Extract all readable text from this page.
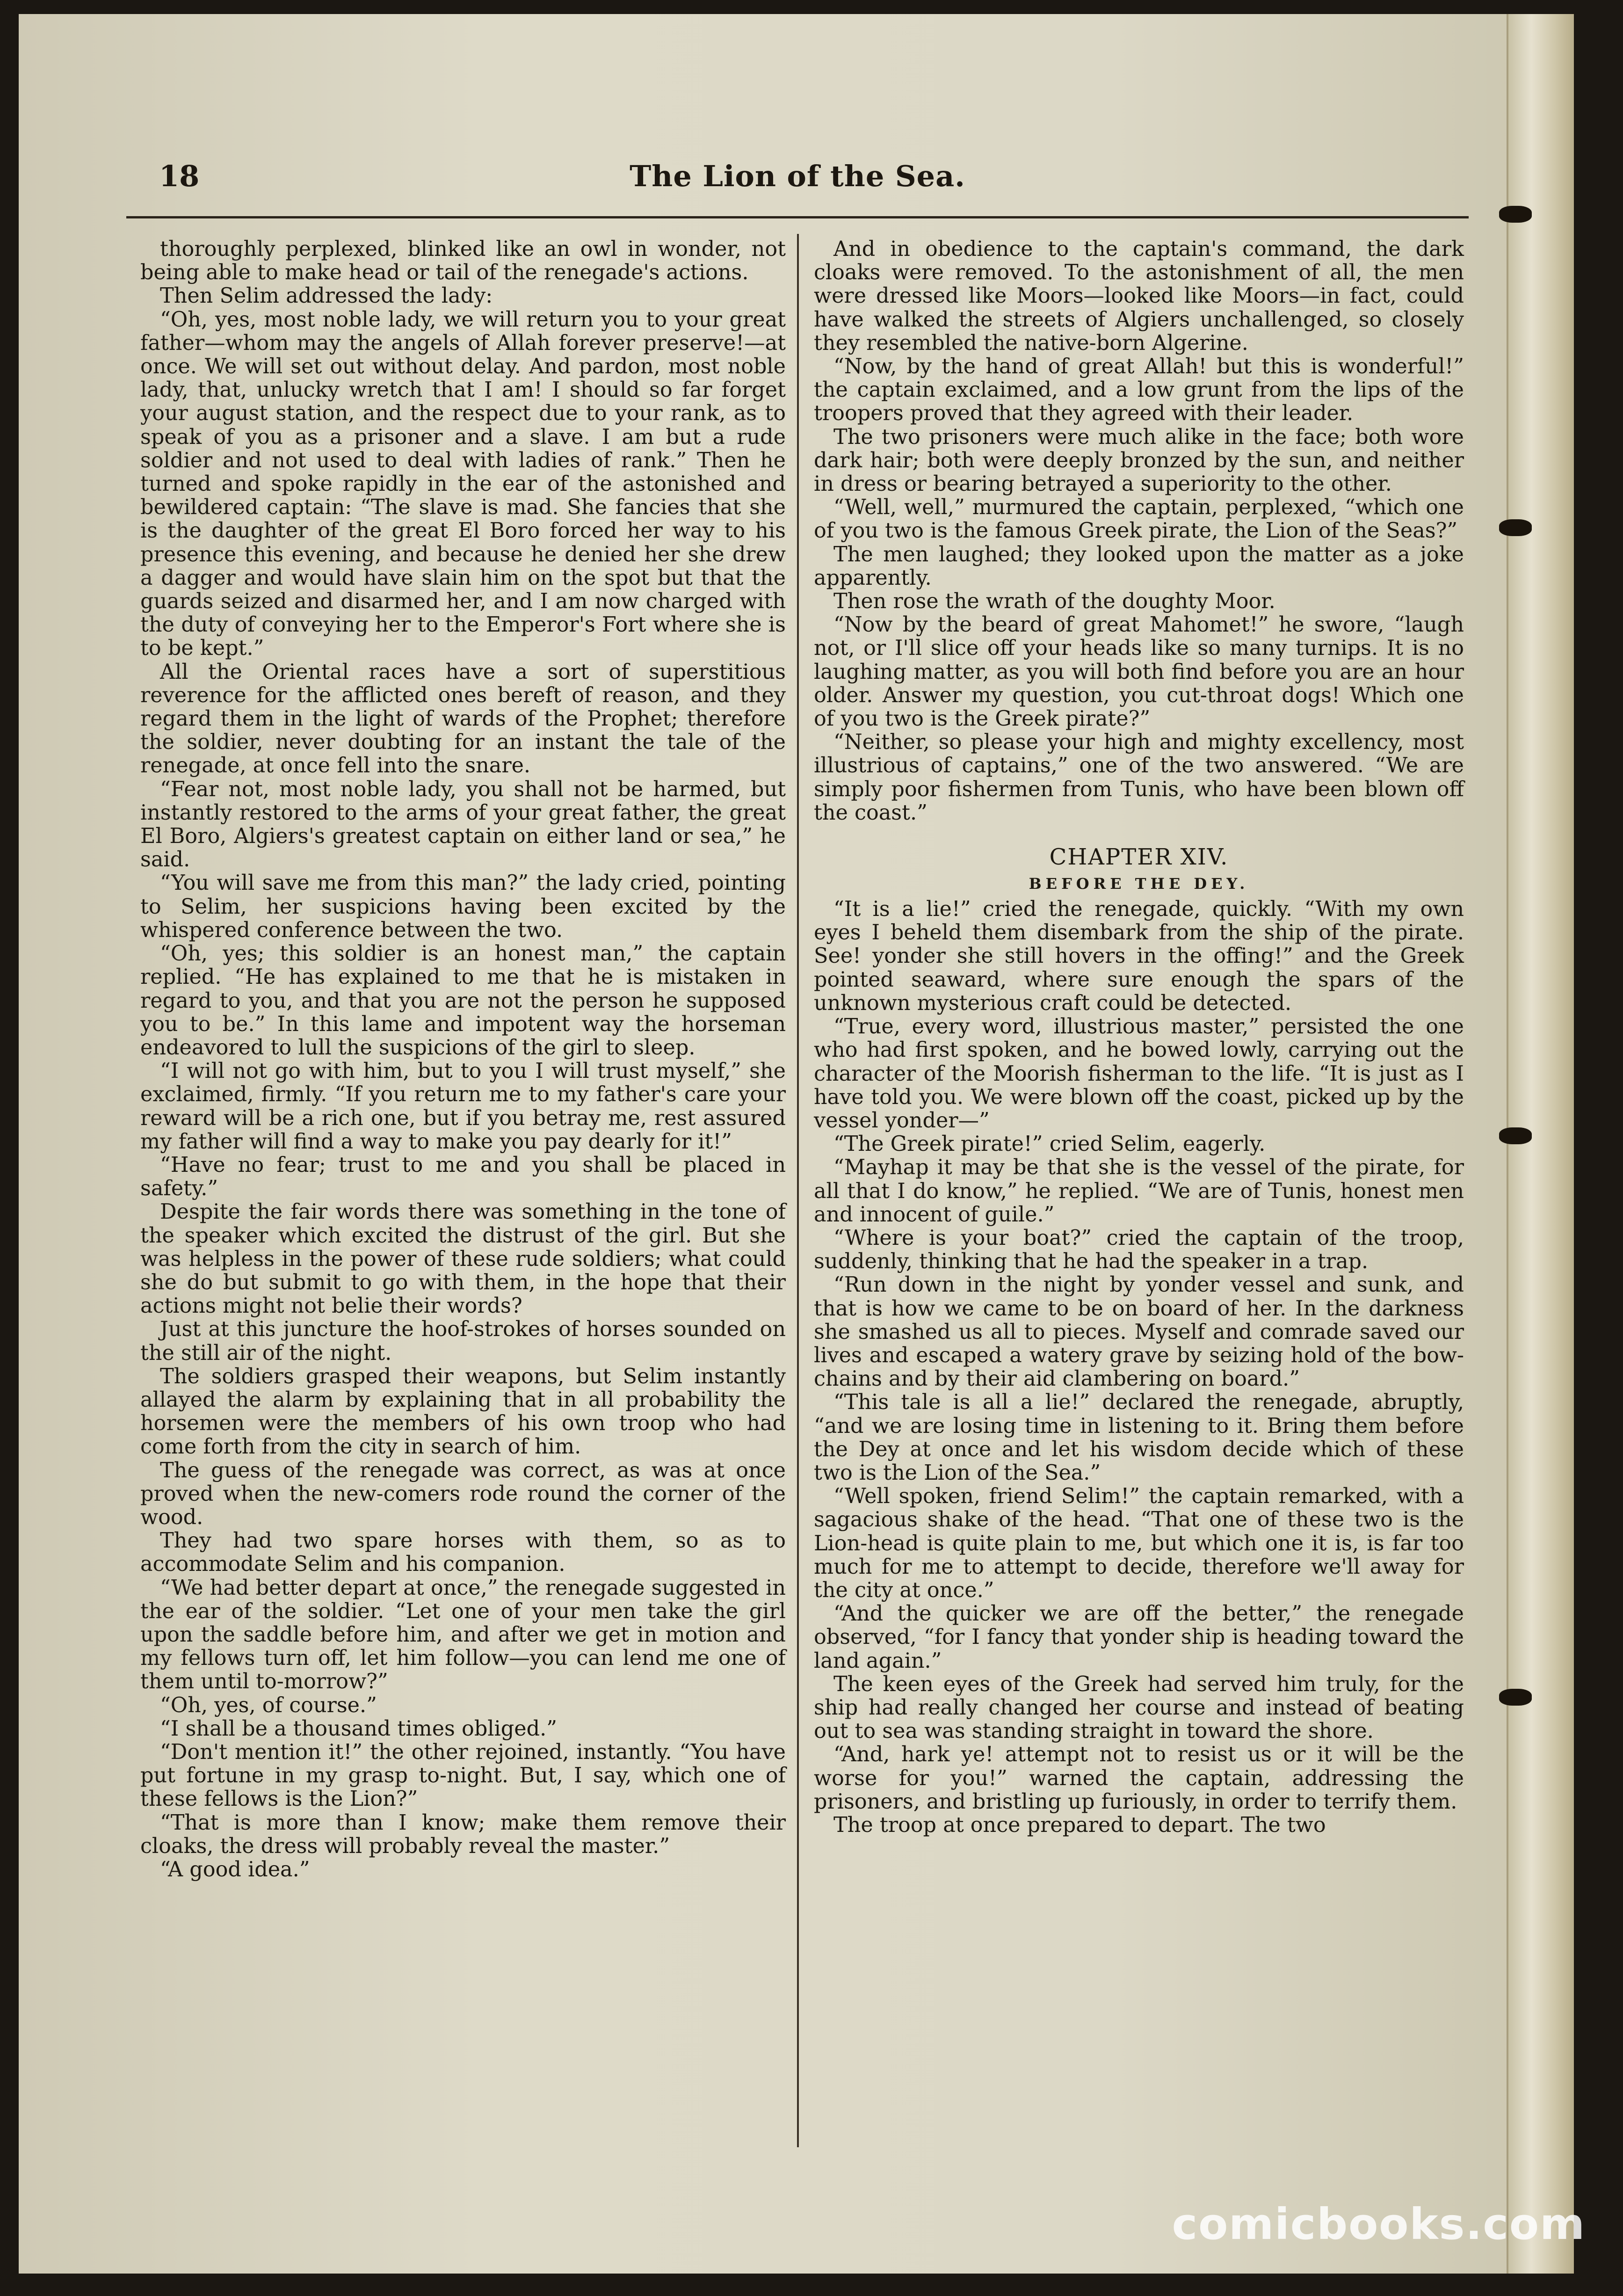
18	The Lion of the Sea.

thoroughly perplexed, blinked like an owl in wonder, not being able to make head or tail of the renegade's actions.

Then Selim addressed the lady:

“Oh, yes, most noble lady, we will return you to your great father—whom may the angels of Allah forever preserve!—at once. We will set out without delay. And pardon, most noble lady, that, unlucky wretch that I am! I should so far forget your august station, and the respect due to your rank, as to speak of you as a prisoner and a slave. I am but a rude soldier and not used to deal with ladies of rank.” Then he turned and spoke rapidly in the ear of the astonished and bewildered captain: “The slave is mad. She fancies that she is the daughter of the great El Boro forced her way to his presence this evening, and because he denied her she drew a dagger and would have slain him on the spot but that the guards seized and disarmed her, and I am now charged with the duty of conveying her to the Emperor's Fort where she is to be kept.”

All the Oriental races have a sort of superstitious reverence for the afflicted ones bereft of reason, and they regard them in the light of wards of the Prophet; therefore the soldier, never doubting for an instant the tale of the renegade, at once fell into the snare.

“Fear not, most noble lady, you shall not be harmed, but instantly restored to the arms of your great father, the great El Boro, Algiers's greatest captain on either land or sea,” he said.

“You will save me from this man?” the lady cried, pointing to Selim, her suspicions having been excited by the whispered conference between the two.

“Oh, yes; this soldier is an honest man,” the captain replied. “He has explained to me that he is mistaken in regard to you, and that you are not the person he supposed you to be.” In this lame and impotent way the horseman endeavored to lull the suspicions of the girl to sleep.

“I will not go with him, but to you I will trust myself,” she exclaimed, firmly. “If you return me to my father's care your reward will be a rich one, but if you betray me, rest assured my father will find a way to make you pay dearly for it!”

“Have no fear; trust to me and you shall be placed in safety.”

Despite the fair words there was something in the tone of the speaker which excited the distrust of the girl. But she was helpless in the power of these rude soldiers; what could she do but submit to go with them, in the hope that their actions might not belie their words?

Just at this juncture the hoof-strokes of horses sounded on the still air of the night.

The soldiers grasped their weapons, but Selim instantly allayed the alarm by explaining that in all probability the horsemen were the members of his own troop who had come forth from the city in search of him.

The guess of the renegade was correct, as was at once proved when the new-comers rode round the corner of the wood.

They had two spare horses with them, so as to accommodate Selim and his companion.

“We had better depart at once,” the renegade suggested in the ear of the soldier. “Let one of your men take the girl upon the saddle before him, and after we get in motion and my fellows turn off, let him follow—you can lend me one of them until to-morrow?”

“Oh, yes, of course.”

“I shall be a thousand times obliged.”

“Don't mention it!” the other rejoined, instantly. “You have put fortune in my grasp to-night. But, I say, which one of these fellows is the Lion?”

“That is more than I know; make them remove their cloaks, the dress will probably reveal the master.”

“A good idea.”

And in obedience to the captain's command, the dark cloaks were removed. To the astonishment of all, the men were dressed like Moors—looked like Moors—in fact, could have walked the streets of Algiers unchallenged, so closely they resembled the native-born Algerine.

“Now, by the hand of great Allah! but this is wonderful!” the captain exclaimed, and a low grunt from the lips of the troopers proved that they agreed with their leader.

The two prisoners were much alike in the face; both wore dark hair; both were deeply bronzed by the sun, and neither in dress or bearing betrayed a superiority to the other.

“Well, well,” murmured the captain, perplexed, “which one of you two is the famous Greek pirate, the Lion of the Seas?”

The men laughed; they looked upon the matter as a joke apparently.

Then rose the wrath of the doughty Moor.

“Now by the beard of great Mahomet!” he swore, “laugh not, or I'll slice off your heads like so many turnips. It is no laughing matter, as you will both find before you are an hour older. Answer my question, you cut-throat dogs! Which one of you two is the Greek pirate?”

“Neither, so please your high and mighty excellency, most illustrious of captains,” one of the two answered. “We are simply poor fishermen from Tunis, who have been blown off the coast.”

CHAPTER XIV.
BEFORE THE DEY.

“It is a lie!” cried the renegade, quickly. “With my own eyes I beheld them disembark from the ship of the pirate. See! yonder she still hovers in the offing!” and the Greek pointed seaward, where sure enough the spars of the unknown mysterious craft could be detected.

“True, every word, illustrious master,” persisted the one who had first spoken, and he bowed lowly, carrying out the character of the Moorish fisherman to the life. “It is just as I have told you. We were blown off the coast, picked up by the vessel yonder—”

“The Greek pirate!” cried Selim, eagerly.

“Mayhap it may be that she is the vessel of the pirate, for all that I do know,” he replied. “We are of Tunis, honest men and innocent of guile.”

“Where is your boat?” cried the captain of the troop, suddenly, thinking that he had the speaker in a trap.

“Run down in the night by yonder vessel and sunk, and that is how we came to be on board of her. In the darkness she smashed us all to pieces. Myself and comrade saved our lives and escaped a watery grave by seizing hold of the bow-chains and by their aid clambering on board.”

“This tale is all a lie!” declared the renegade, abruptly, “and we are losing time in listening to it. Bring them before the Dey at once and let his wisdom decide which of these two is the Lion of the Sea.”

“Well spoken, friend Selim!” the captain remarked, with a sagacious shake of the head. “That one of these two is the Lion-head is quite plain to me, but which one it is, is far too much for me to attempt to decide, therefore we'll away for the city at once.”

“And the quicker we are off the better,” the renegade observed, “for I fancy that yonder ship is heading toward the land again.”

The keen eyes of the Greek had served him truly, for the ship had really changed her course and instead of beating out to sea was standing straight in toward the shore.

“And, hark ye! attempt not to resist us or it will be the worse for you!” warned the captain, addressing the prisoners, and bristling up furiously, in order to terrify them.

The troop at once prepared to depart. The two

comicbooks.com
